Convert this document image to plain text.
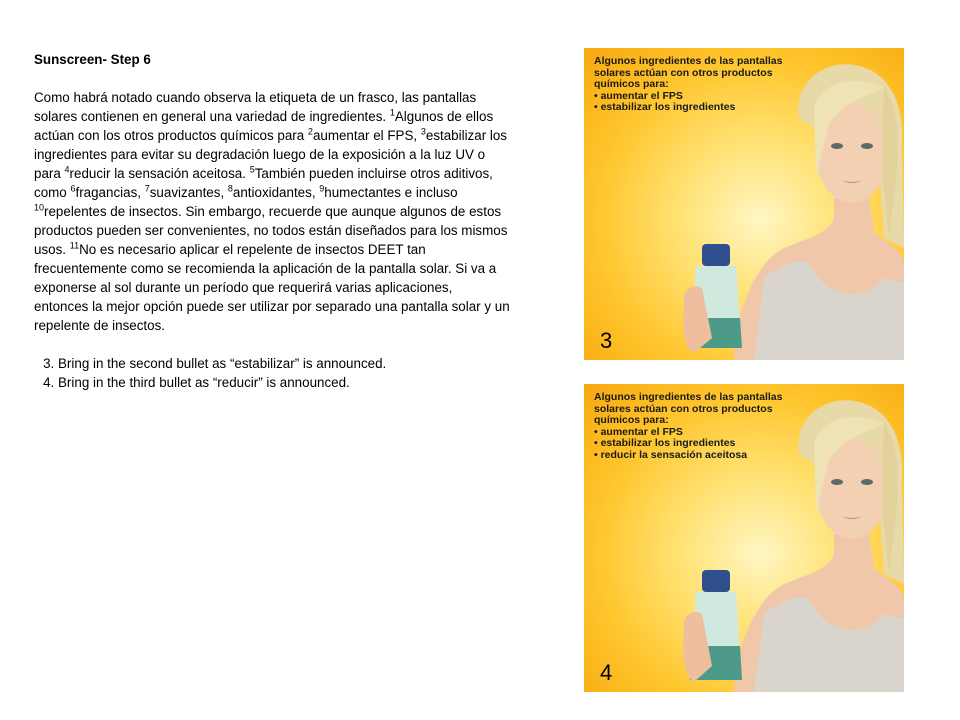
Sunscreen- Step 6

Como habrá notado cuando observa la etiqueta de un frasco, las pantallas solares contienen en general una variedad de ingredientes. $^1$Algunos de ellos actúan con los otros productos químicos para $^2$aumentar el FPS, $^3$estabilizar los ingredientes para evitar su degradación luego de la exposición a la luz UV o para $^4$reducir la sensación aceitosa. $^5$También pueden incluirse otros aditivos, como $^6$fragancias, $^7$suavizantes, $^8$antioxidantes, $^9$humectantes e incluso $^{10}$repelentes de insectos. Sin embargo, recuerde que aunque algunos de estos productos pueden ser convenientes, no todos están diseñados para los mismos usos. $^{11}$No es necesario aplicar el repelente de insectos DEET tan frecuentemente como se recomienda la aplicación de la pantalla solar. Si va a exponerse al sol durante un período que requerirá varias aplicaciones, entonces la mejor opción puede ser utilizar por separado una pantalla solar y un repelente de insectos.

3. Bring in the second bullet as “estabilizar” is announced.
4. Bring in the third bullet as “reducir” is announced.
Algunos ingredientes de las pantallas solares actúan con otros productos químicos para:
• aumentar el FPS
• estabilizar los ingredientes
3
Algunos ingredientes de las pantallas solares actúan con otros productos químicos para:
• aumentar el FPS
• estabilizar los ingredientes
• reducir la sensación aceitosa
4
